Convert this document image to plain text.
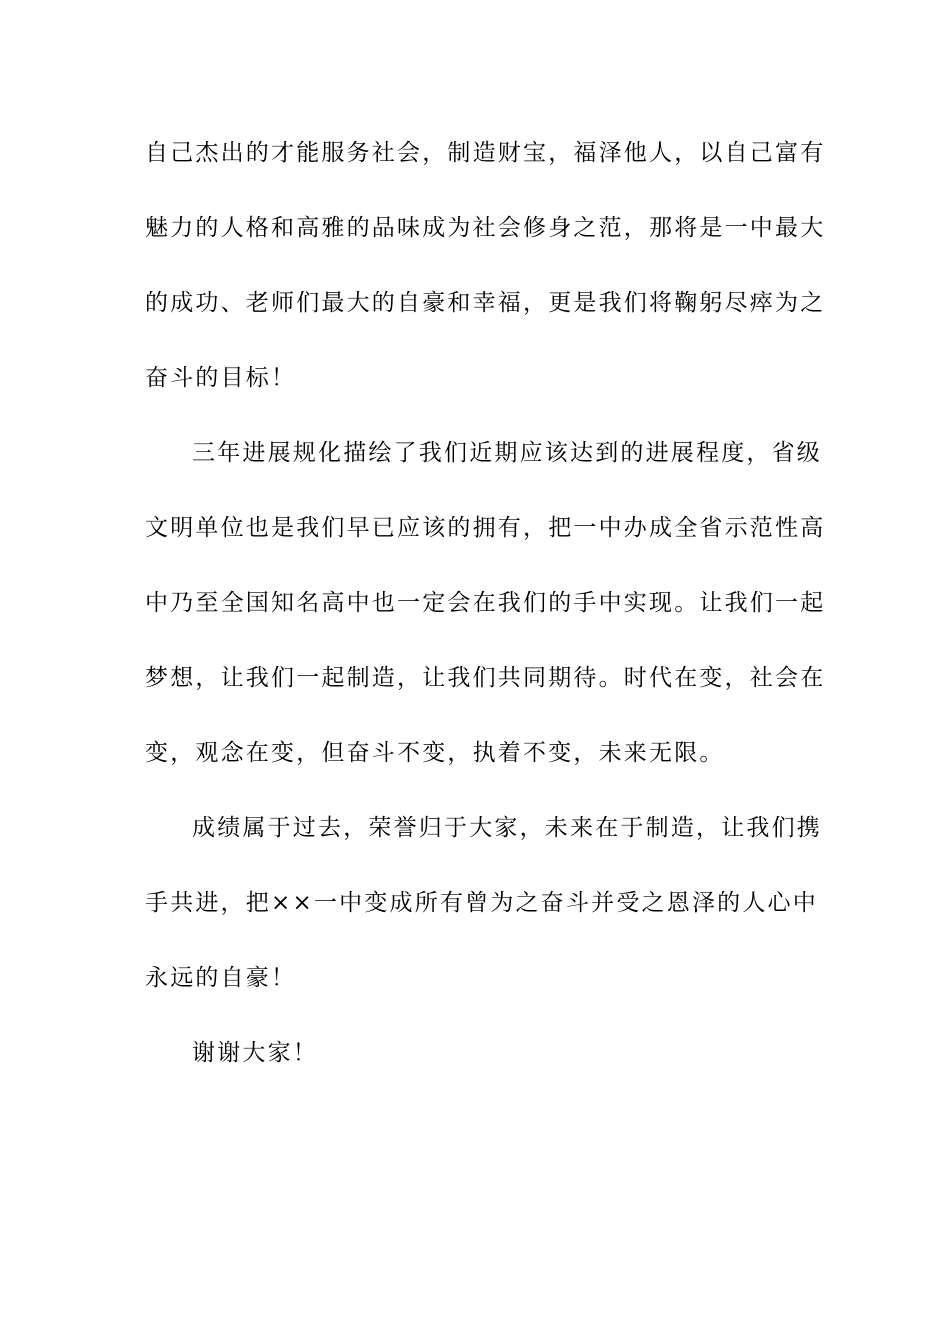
自己杰出的才能服务社会，制造财宝，福泽他人，以自己富有
魅力的人格和高雅的品味成为社会修身之范，那将是一中最大
的成功、老师们最大的自豪和幸福，更是我们将鞠躬尽瘁为之
奋斗的目标！
三年进展规化描绘了我们近期应该达到的进展程度，省级
文明单位也是我们早已应该的拥有，把一中办成全省示范性高
中乃至全国知名高中也一定会在我们的手中实现。让我们一起
梦想，让我们一起制造，让我们共同期待。时代在变，社会在
变，观念在变，但奋斗不变，执着不变，未来无限。
成绩属于过去，荣誉归于大家，未来在于制造，让我们携
手共进，把××一中变成所有曾为之奋斗并受之恩泽的人心中
永远的自豪！
谢谢大家！
